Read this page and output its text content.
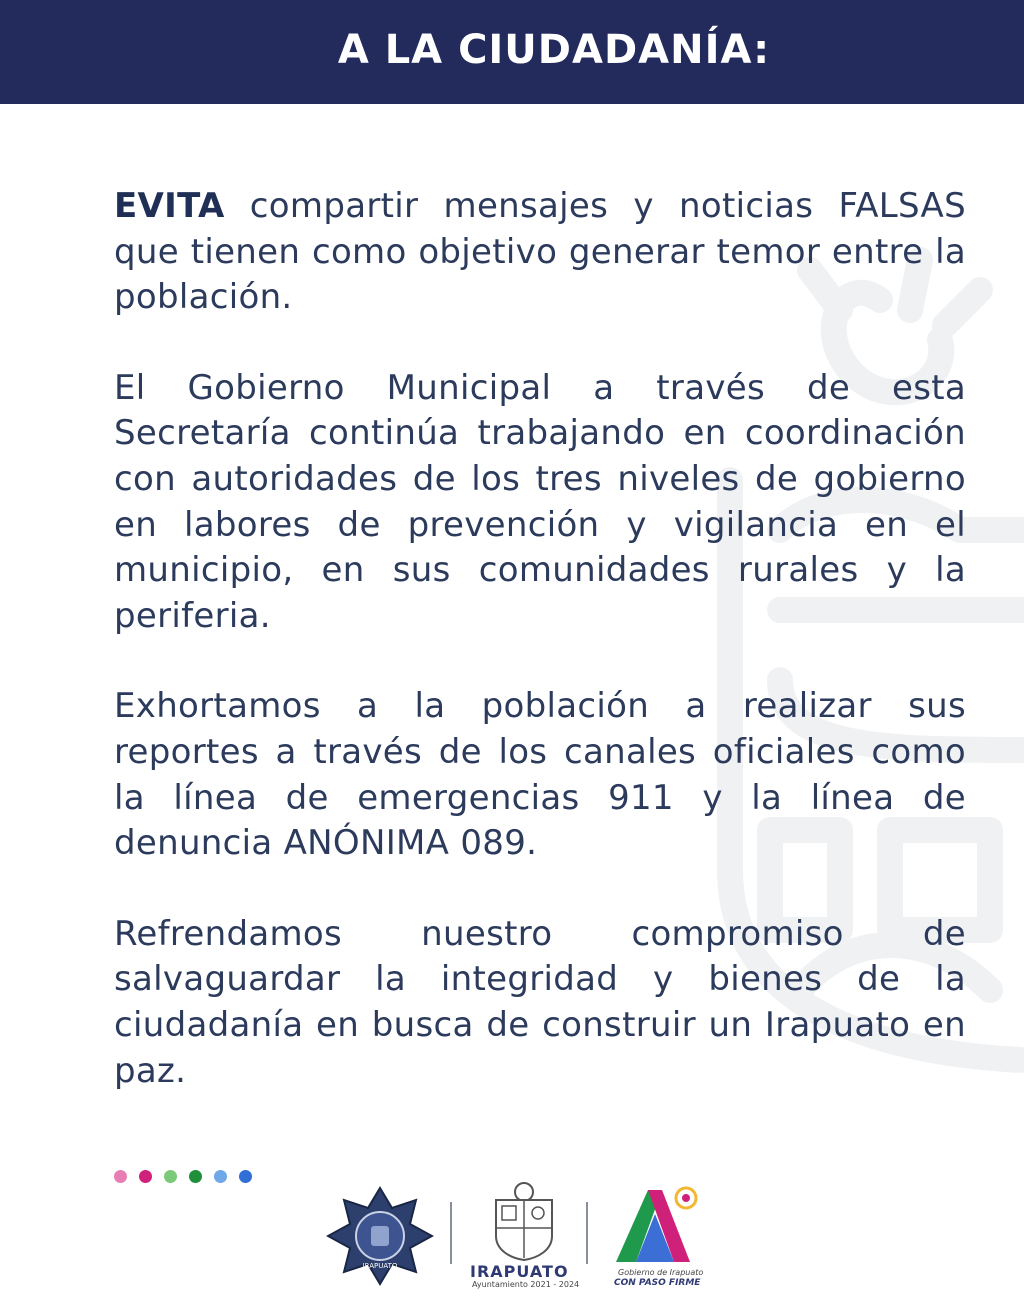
A LA CIUDADANÍA:

EVITA compartir mensajes y noticias FALSAS que tienen como objetivo generar temor entre la población.

El Gobierno Municipal a través de esta Secretaría continúa trabajando en coordinación con autoridades de los tres niveles de gobierno en labores de prevención y vigilancia en el municipio, en sus comunidades rurales y la periferia.

Exhortamos a la población a realizar sus reportes a través de los canales oficiales como la línea de emergencias 911 y la línea de denuncia ANÓNIMA 089.

Refrendamos nuestro compromiso de salvaguardar la integridad y bienes de la ciudadanía en busca de construir un Irapuato en paz.

IRAPUATO	IRAPUATO
Ayuntamiento 2021 - 2024
Gobierno de Irapuato
CON PASO FIRME
